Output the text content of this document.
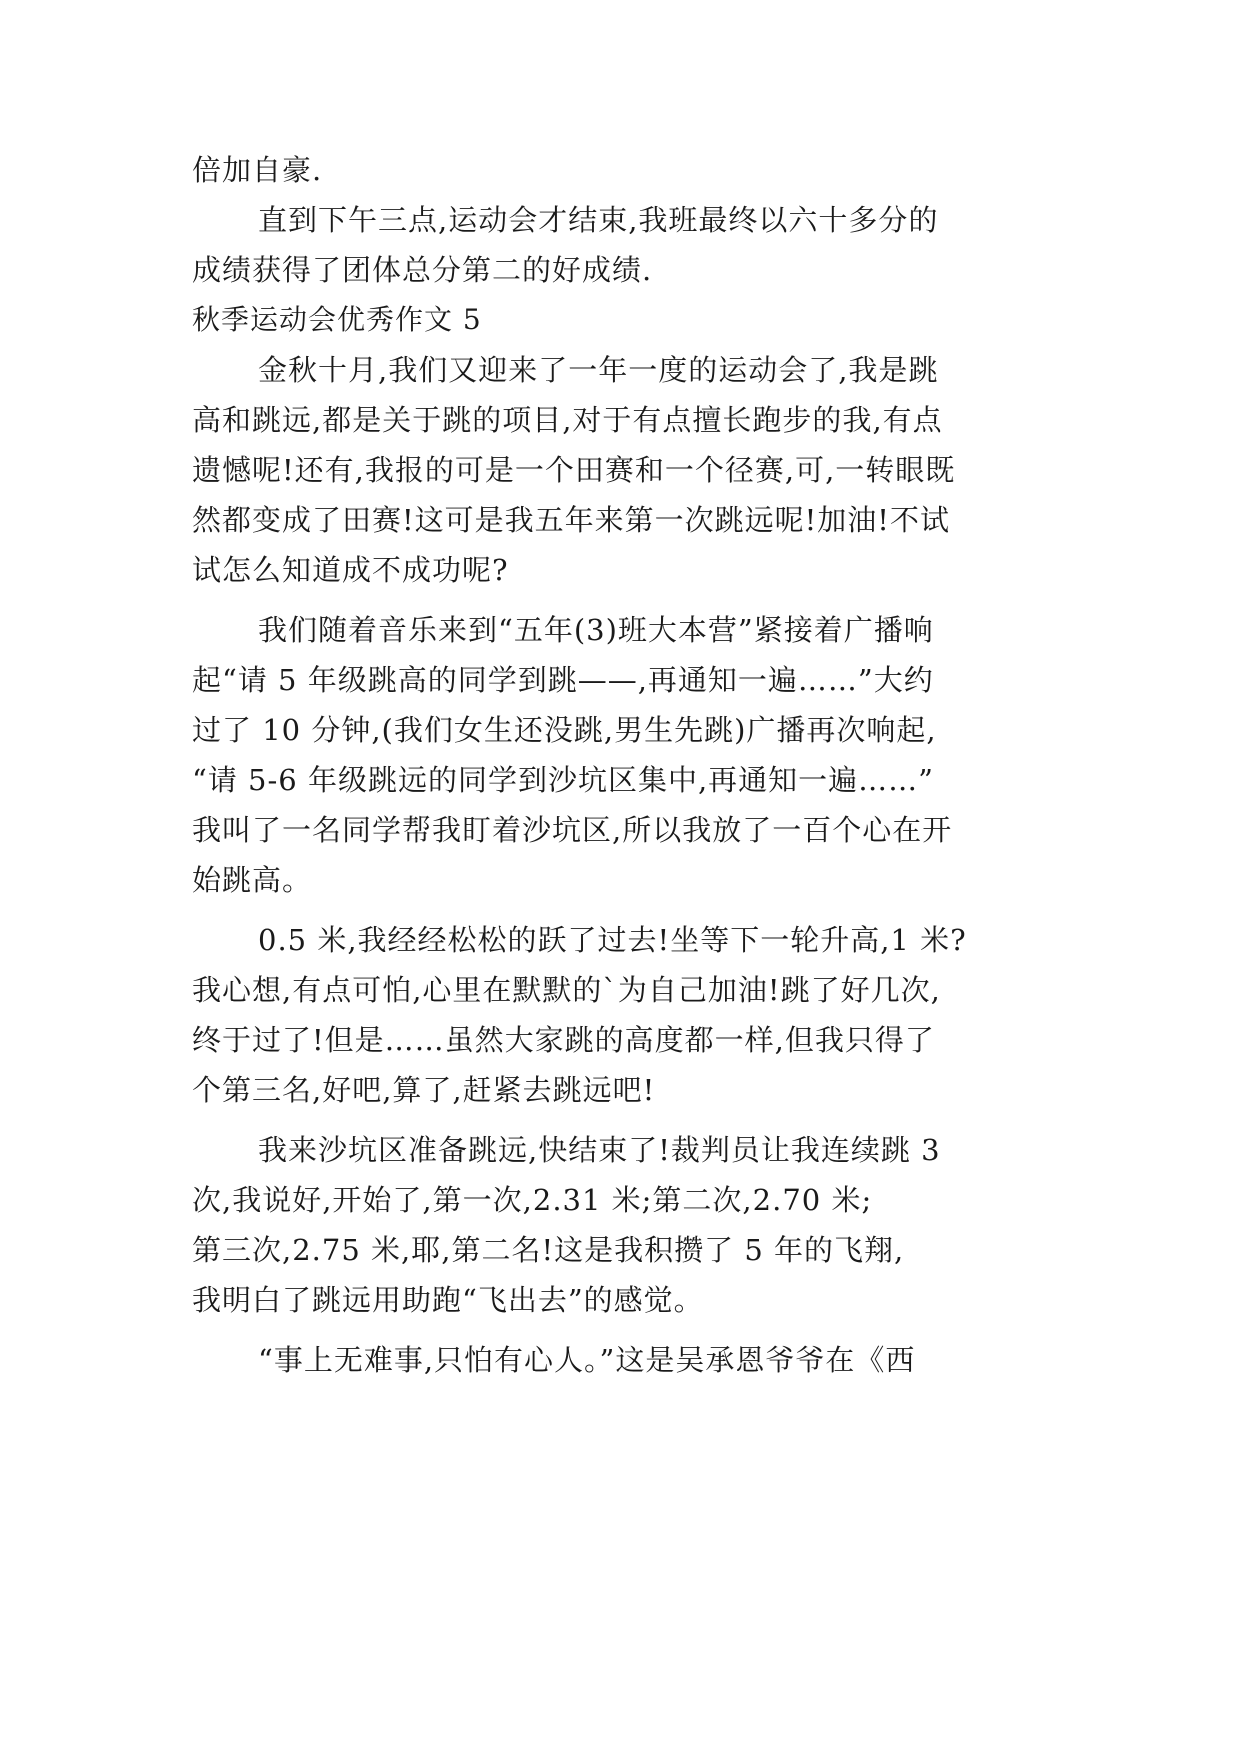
倍加自豪.
直到下午三点,运动会才结束,我班最终以六十多分的
成绩获得了团体总分第二的好成绩.
秋季运动会优秀作文 5
金秋十月,我们又迎来了一年一度的运动会了,我是跳
高和跳远,都是关于跳的项目,对于有点擅长跑步的我,有点
遗憾呢!还有,我报的可是一个田赛和一个径赛,可,一转眼既
然都变成了田赛!这可是我五年来第一次跳远呢!加油!不试
试怎么知道成不成功呢?
我们随着音乐来到“五年(3)班大本营”紧接着广播响
起“请 5 年级跳高的同学到跳——,再通知一遍……”大约
过了 10 分钟,(我们女生还没跳,男生先跳)广播再次响起,
“请 5-6 年级跳远的同学到沙坑区集中,再通知一遍……”
我叫了一名同学帮我盯着沙坑区,所以我放了一百个心在开
始跳高。
0.5 米,我经经松松的跃了过去!坐等下一轮升高,1 米?
我心想,有点可怕,心里在默默的`为自己加油!跳了好几次,
终于过了!但是……虽然大家跳的高度都一样,但我只得了
个第三名,好吧,算了,赶紧去跳远吧!
我来沙坑区准备跳远,快结束了!裁判员让我连续跳 3
次,我说好,开始了,第一次,2.31 米;第二次,2.70 米;
第三次,2.75 米,耶,第二名!这是我积攒了 5 年的飞翔,
我明白了跳远用助跑“飞出去”的感觉。
“事上无难事,只怕有心人。”这是吴承恩爷爷在《西
